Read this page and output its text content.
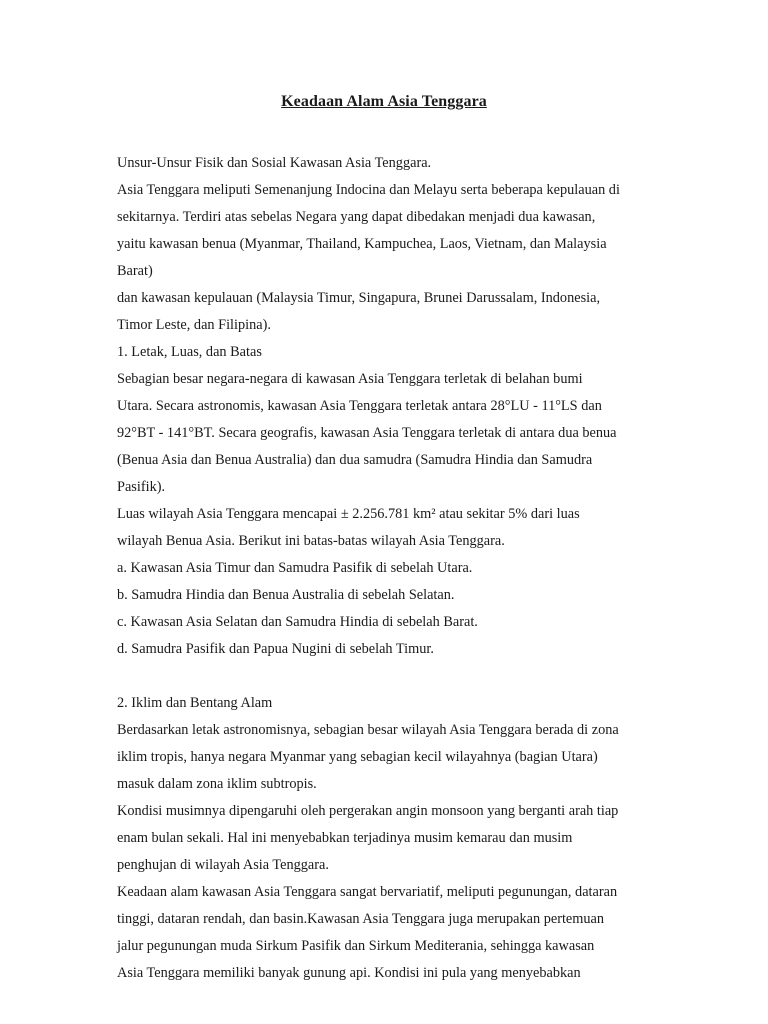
Keadaan Alam Asia Tenggara
Unsur-Unsur Fisik dan Sosial Kawasan Asia Tenggara.
Asia Tenggara meliputi Semenanjung Indocina dan Melayu serta beberapa kepulauan di
sekitarnya. Terdiri atas sebelas Negara yang dapat dibedakan menjadi dua kawasan,
yaitu kawasan benua (Myanmar, Thailand, Kampuchea, Laos, Vietnam, dan Malaysia
Barat)
dan kawasan kepulauan (Malaysia Timur, Singapura, Brunei Darussalam, Indonesia,
Timor Leste, dan Filipina).
1. Letak, Luas, dan Batas
Sebagian besar negara-negara di kawasan Asia Tenggara terletak di belahan bumi
Utara. Secara astronomis, kawasan Asia Tenggara terletak antara 28°LU - 11°LS dan
92°BT - 141°BT. Secara geografis, kawasan Asia Tenggara terletak di antara dua benua
(Benua Asia dan Benua Australia) dan dua samudra (Samudra Hindia dan Samudra
Pasifik).
Luas wilayah Asia Tenggara mencapai ± 2.256.781 km² atau sekitar 5% dari luas
wilayah Benua Asia. Berikut ini batas-batas wilayah Asia Tenggara.
a. Kawasan Asia Timur dan Samudra Pasifik di sebelah Utara.
b. Samudra Hindia dan Benua Australia di sebelah Selatan.
c. Kawasan Asia Selatan dan Samudra Hindia di sebelah Barat.
d. Samudra Pasifik dan Papua Nugini di sebelah Timur.
2. Iklim dan Bentang Alam
Berdasarkan letak astronomisnya, sebagian besar wilayah Asia Tenggara berada di zona
iklim tropis, hanya negara Myanmar yang sebagian kecil wilayahnya (bagian Utara)
masuk dalam zona iklim subtropis.
Kondisi musimnya dipengaruhi oleh pergerakan angin monsoon yang berganti arah tiap
enam bulan sekali. Hal ini menyebabkan terjadinya musim kemarau dan musim
penghujan di wilayah Asia Tenggara.
Keadaan alam kawasan Asia Tenggara sangat bervariatif, meliputi pegunungan, dataran
tinggi, dataran rendah, dan basin.Kawasan Asia Tenggara juga merupakan pertemuan
jalur pegunungan muda Sirkum Pasifik dan Sirkum Mediterania, sehingga kawasan
Asia Tenggara memiliki banyak gunung api. Kondisi ini pula yang menyebabkan
